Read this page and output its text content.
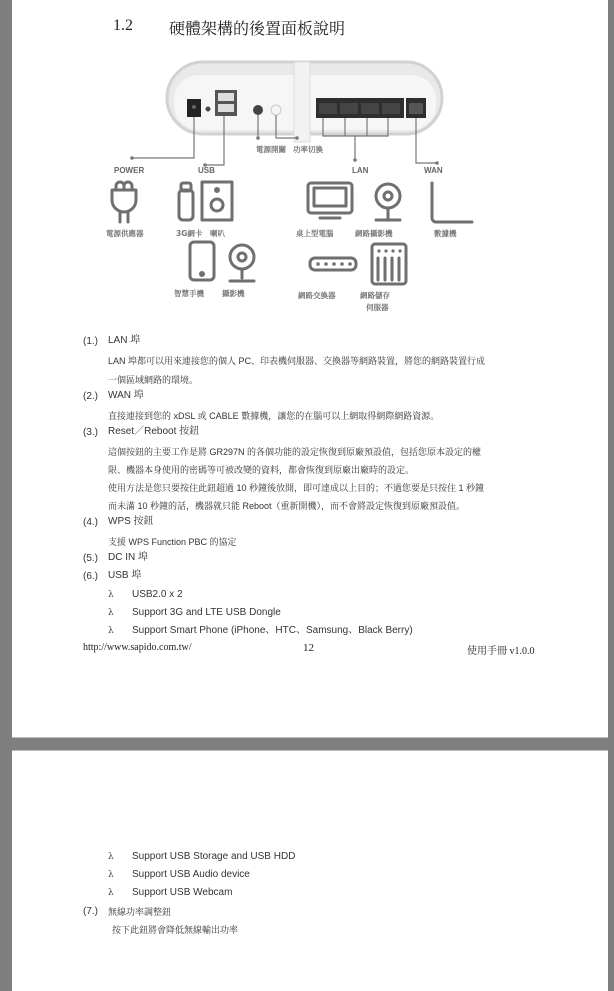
1.2 硬體架構的後置面板說明
電源開關 功率切換
POWER	USB	LAN	WAN
電源供應器	3G網卡 喇叭	桌上型電腦	網路攝影機	數據機
智慧手機 攝影機	網路交換器	網路儲存
伺服器
(1.) LAN 埠
LAN 埠都可以用來連接您的個人 PC、印表機伺服器、交換器等網路裝置，將您的網路裝置行成
一個區域網路的環境。
(2.) WAN 埠
直接連接到您的 xDSL 或 CABLE 數據機，讓您的在腦可以上網取得網際網路資源。
(3.) Reset／Reboot 按鈕
這個按鈕的主要工作是將 GR297N 的各個功能的設定恢復到原廠預設值，包括您原本設定的權
限、機器本身使用的密碼等可被改變的資料，都會恢復到原廠出廠時的設定。
使用方法是您只要按住此鈕超過 10 秒鐘後放開，即可達成以上目的；不過您要是只按住 1 秒鐘
而未滿 10 秒鐘的話，機器就只能 Reboot（重新開機），而不會將設定恢復到原廠預設值。
(4.) WPS 按鈕
支援 WPS Function PBC 的協定
(5.) DC IN 埠
(6.) USB 埠
λ USB2.0 x 2
λ Support 3G and LTE USB Dongle
λ Support Smart Phone (iPhone、HTC、Samsung、Black Berry)
http://www.sapido.com.tw/	12	使用手冊 v1.0.0
λ Support USB Storage and USB HDD
λ Support USB Audio device
λ Support USB Webcam
(7.) 無線功率調整鈕
按下此鈕將會降低無線輸出功率
